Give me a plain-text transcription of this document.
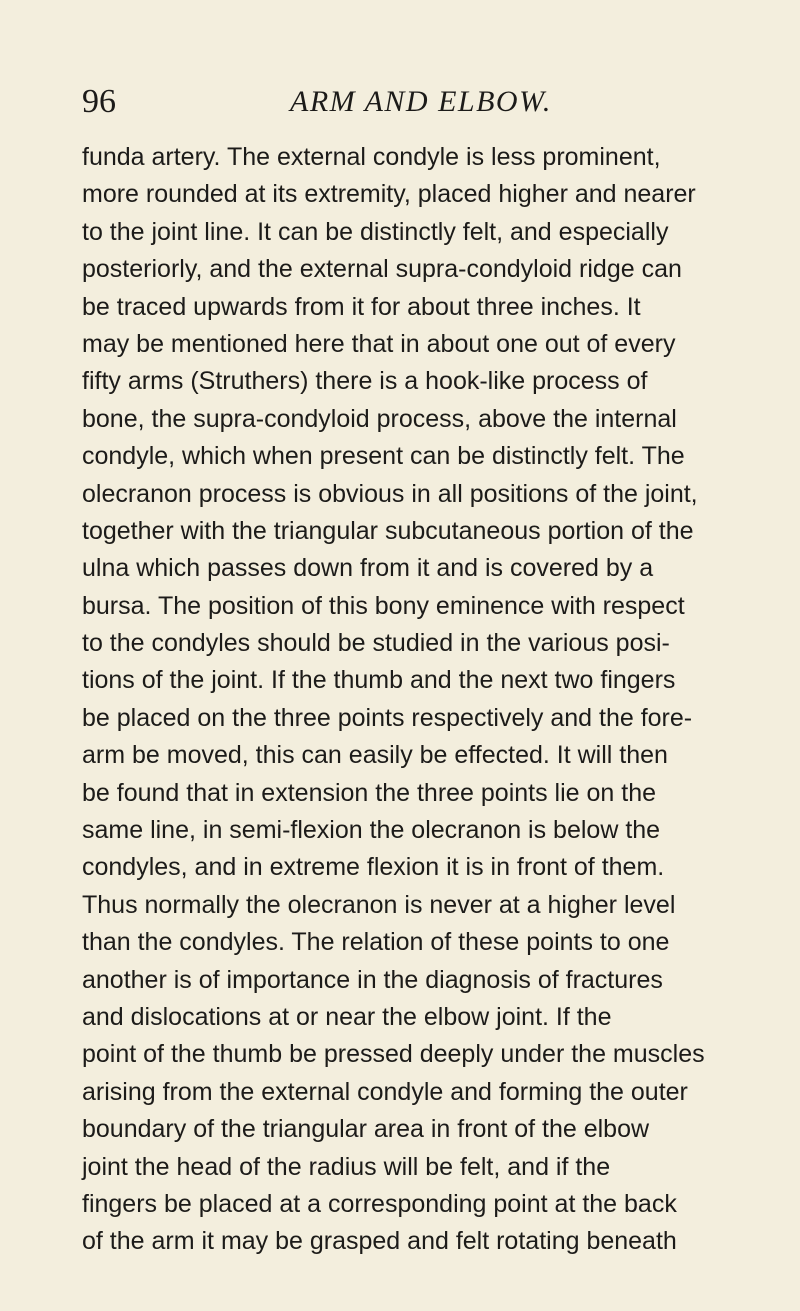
96	ARM AND ELBOW.
funda artery. The external condyle is less prominent,
more rounded at its extremity, placed higher and nearer
to the joint line. It can be distinctly felt, and especially
posteriorly, and the external supra-condyloid ridge can
be traced upwards from it for about three inches. It
may be mentioned here that in about one out of every
fifty arms (Struthers) there is a hook-like process of
bone, the supra-condyloid process, above the internal
condyle, which when present can be distinctly felt. The
olecranon process is obvious in all positions of the joint,
together with the triangular subcutaneous portion of the
ulna which passes down from it and is covered by a
bursa. The position of this bony eminence with respect
to the condyles should be studied in the various posi-
tions of the joint. If the thumb and the next two fingers
be placed on the three points respectively and the fore-
arm be moved, this can easily be effected. It will then
be found that in extension the three points lie on the
same line, in semi-flexion the olecranon is below the
condyles, and in extreme flexion it is in front of them.
Thus normally the olecranon is never at a higher level
than the condyles. The relation of these points to one
another is of importance in the diagnosis of fractures
and dislocations at or near the elbow joint. If the
point of the thumb be pressed deeply under the muscles
arising from the external condyle and forming the outer
boundary of the triangular area in front of the elbow
joint the head of the radius will be felt, and if the
fingers be placed at a corresponding point at the back
of the arm it may be grasped and felt rotating beneath
